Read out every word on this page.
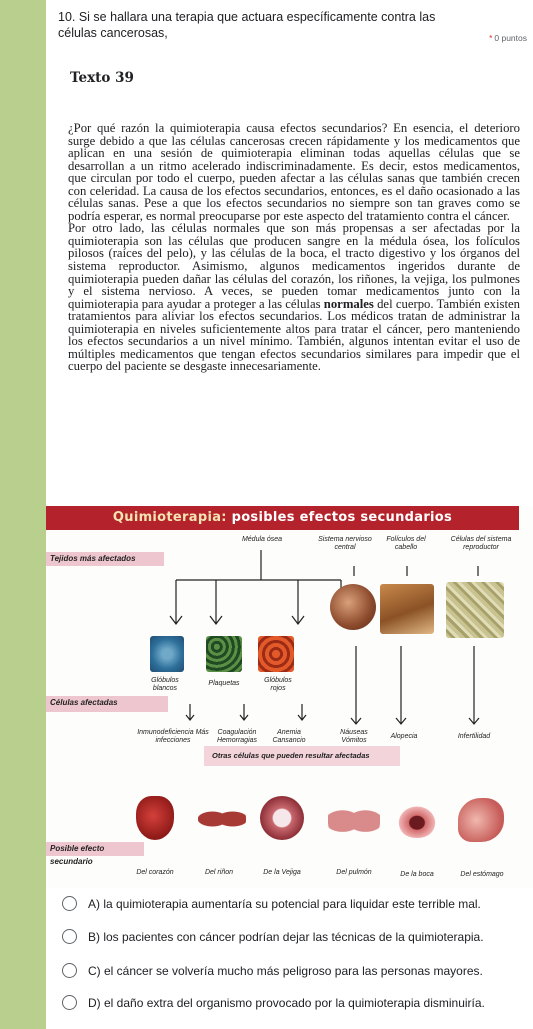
10. Si se hallara una terapia que actuara específicamente contra las células cancerosas,	* 0 puntos
Texto 39

¿Por qué razón la quimioterapia causa efectos secundarios? En esencia, el deterioro surge debido a que las células cancerosas crecen rápidamente y los medicamentos que aplican en una sesión de quimioterapia eliminan todas aquellas células que se desarrollan a un ritmo acelerado indiscriminadamente. Es decir, estos medicamentos, que circulan por todo el cuerpo, pueden afectar a las células sanas que también crecen con celeridad. La causa de los efectos secundarios, entonces, es el daño ocasionado a las células sanas. Pese a que los efectos secundarios no siempre son tan graves como se podría esperar, es normal preocuparse por este aspecto del tratamiento contra el cáncer.

Por otro lado, las células normales que son más propensas a ser afectadas por la quimioterapia son las células que producen sangre en la médula ósea, los folículos pilosos (raíces del pelo), y las células de la boca, el tracto digestivo y los órganos del sistema reproductor. Asimismo, algunos medicamentos ingeridos durante de quimioterapia pueden dañar las células del corazón, los riñones, la vejiga, los pulmones y el sistema nervioso. A veces, se pueden tomar medicamentos junto con la quimioterapia para ayudar a proteger a las células normales del cuerpo. También existen tratamientos para aliviar los efectos secundarios. Los médicos tratan de administrar la quimioterapia en niveles suficientemente altos para tratar el cáncer, pero manteniendo los efectos secundarios a un nivel mínimo. También, algunos intentan evitar el uso de múltiples medicamentos que tengan efectos secundarios similares para impedir que el cuerpo del paciente se desgaste innecesariamente.

Quimioterapia: posibles efectos secundarios
Médula ósea
Tejidos más afectados
Sistema nervioso central
Folículos del cabello
Células del sistema reproductor
Glóbulos blancos
Plaquetas	Glóbulos rojos
Células afectadas
Inmunodeficiencia Más infecciones
Coagulación Hemorragias
Anemia Cansancio
Náuseas Vómitos
Alopecia	Infertilidad
Otras células que pueden resultar afectadas
Posible efecto secundario
Del corazón	Del riñon	De la Vejiga	Del pulmón	De la boca	Del estómago
A) la quimioterapia aumentaría su potencial para liquidar este terrible mal.
B) los pacientes con cáncer podrían dejar las técnicas de la quimioterapia.
C) el cáncer se volvería mucho más peligroso para las personas mayores.
D) el daño extra del organismo provocado por la quimioterapia disminuiría.
